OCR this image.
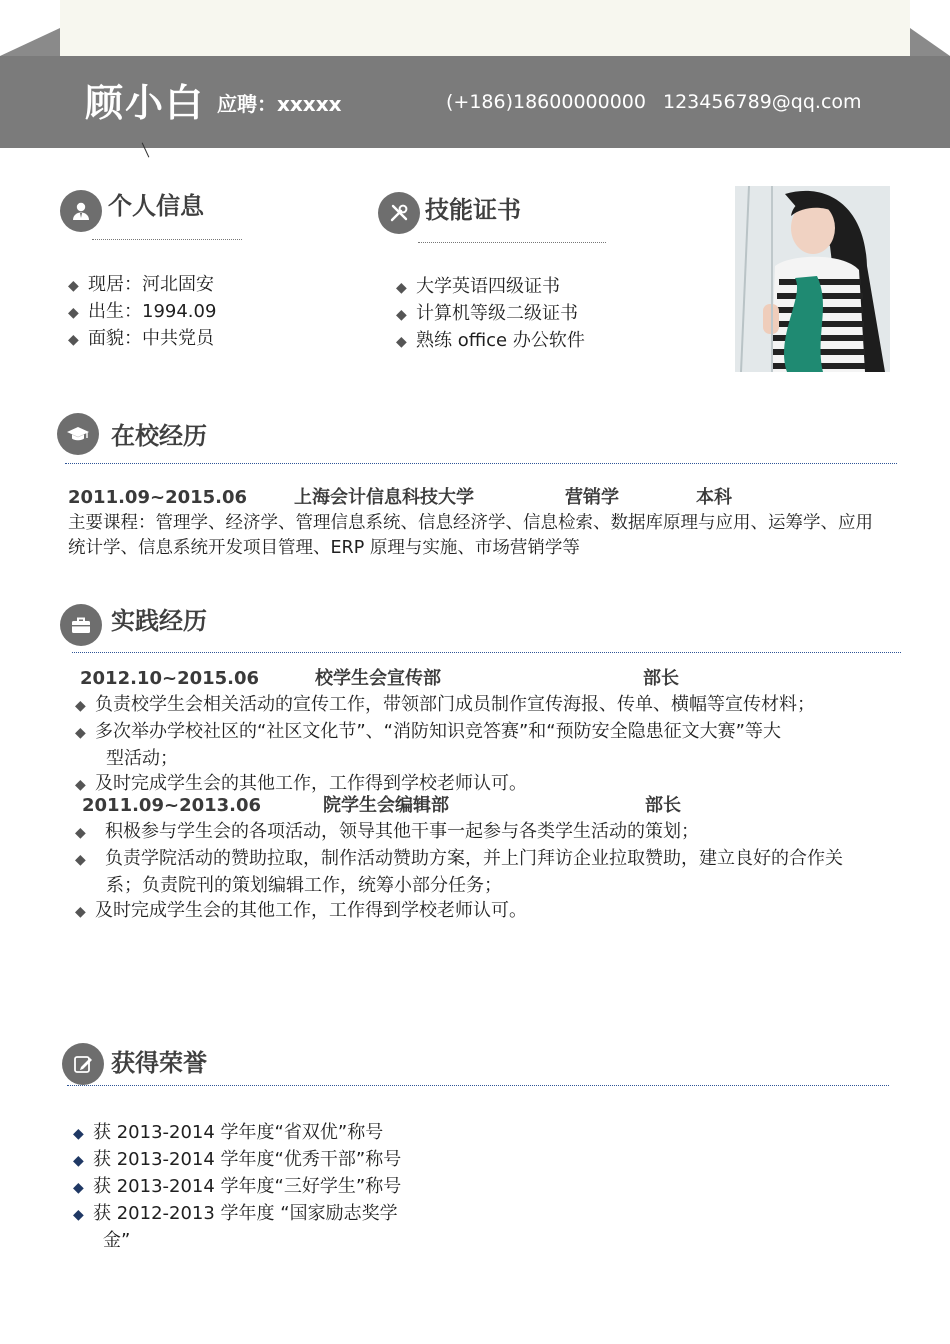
顾小白 应聘：xxxxx	(+186)18600000000 123456789@qq.com
个人信息
◆ 现居：河北固安
◆ 出生：1994.09
◆ 面貌：中共党员
技能证书
◆ 大学英语四级证书
◆ 计算机等级二级证书
◆ 熟练 office 办公软件
在校经历
2011.09~2015.06	上海会计信息科技大学	营销学	本科
主要课程：管理学、经济学、管理信息系统、信息经济学、信息检索、数据库原理与应用、运筹学、应用
统计学、信息系统开发项目管理、ERP 原理与实施、市场营销学等
实践经历
2012.10~2015.06	校学生会宣传部	部长
◆ 负责校学生会相关活动的宣传工作，带领部门成员制作宣传海报、传单、横幅等宣传材料；
◆ 多次举办学校社区的“社区文化节”、“消防知识竞答赛”和“预防安全隐患征文大赛”等大
型活动；
◆ 及时完成学生会的其他工作，工作得到学校老师认可。
2011.09~2013.06	院学生会编辑部	部长
◆ 积极参与学生会的各项活动，领导其他干事一起参与各类学生活动的策划；
◆ 负责学院活动的赞助拉取，制作活动赞助方案，并上门拜访企业拉取赞助，建立良好的合作关
系；负责院刊的策划编辑工作，统筹小部分任务；
◆ 及时完成学生会的其他工作，工作得到学校老师认可。
获得荣誉
◆ 获 2013-2014 学年度“省双优”称号
◆ 获 2013-2014 学年度“优秀干部”称号
◆ 获 2013-2014 学年度“三好学生”称号
◆ 获 2012-2013 学年度 “国家励志奖学
金”
